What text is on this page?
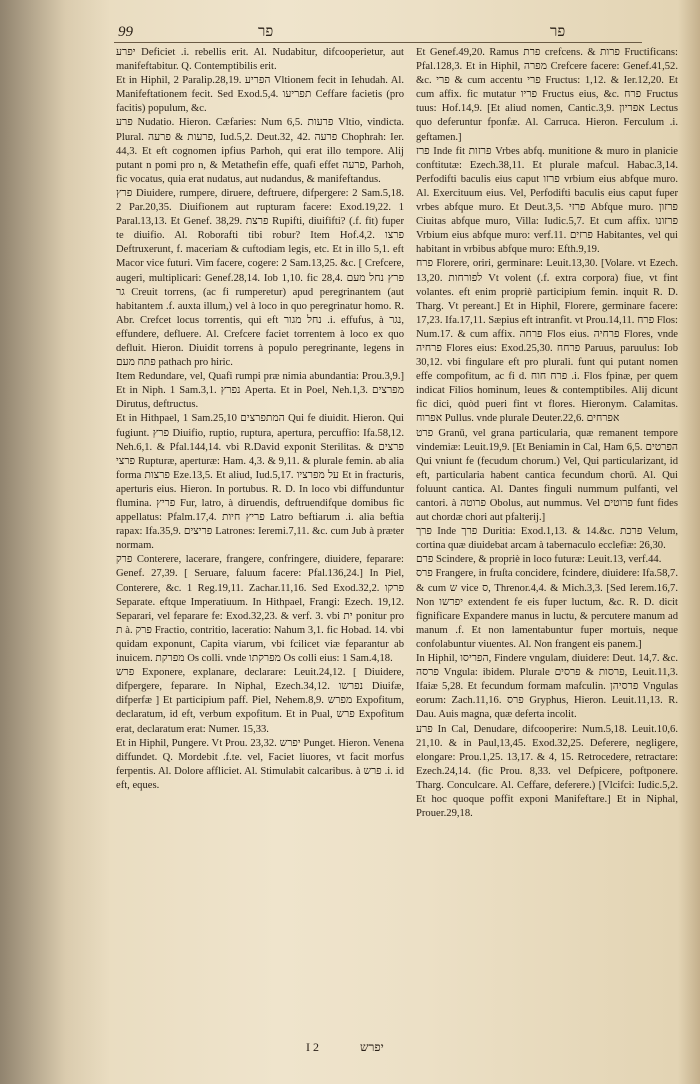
99	פר	פר

יפרע Deficiet .i. rebellis erit. Al. Nudabitur, difcooperietur, aut manifeftabitur. Q. Contemptibilis erit.

Et in Hiphil, 2 Paralip.28,19. הפריע Vltionem fecit in Iehudah. Al. Manifeftationem fecit. Sed Exod.5,4. תפריעו Ceffare facietis (pro facitis) populum, &c.

פרע Nudatio. Hieron. Cæfaries: Num 6,5. פרעות Vltio, vindicta. Plural. פרעות & פרעה, Iud.5,2. Deut.32, 42. פרעה Chophrah: Ier. 44,3. Et eft cognomen ipfius Parhoh, qui erat illo tempore. Alij putant n pomi pro n, & Metathefin effe, quafi effet פרעה, Parhoh, fic vocatus, quia erat nudatus, aut nudandus, & manifeftandus.

פרץ Diuidere, rumpere, diruere, deftruere, difpergere: 2 Sam.5,18. 2 Par.20,35. Diuifionem aut rupturam facere: Exod.19,22. 1 Paral.13,13. Et Genef. 38,29. פרצת Rupifti, diuififti? (.f. fit) fuper te diuifio. Al. Roborafti tibi robur? Item Hof.4,2. פרצו Deftruxerunt, f. maceriam & cuftodiam legis, etc. Et in illo 5,1. eft Macor vice futuri. Vim facere, cogere: 2 Sam.13,25. &c. [ Crefcere, augeri, multiplicari: Genef.28,14. Iob 1,10. fic 28,4. פרץ נחל מעם גר Creuit torrens, (ac fi rumperetur) apud peregrinantem (aut habitantem .f. auxta illum,) vel à loco in quo peregrinatur homo. R. Abr. Crefcet locus torrentis, qui eft נחל מגור .i. effufus, à נגר, effundere, defluere. Al. Crefcere faciet torrentem à loco ex quo defluit. Hieron. Diuidit torrens à populo peregrinante, legens in פתח מעם pathach pro hiric.

Item Redundare, vel, Quafi rumpi præ nimia abundantia: Prou.3,9.] Et in Niph. 1 Sam.3,1. נפרץ Aperta. Et in Poel, Neh.1,3. מפרצים Dirutus, deftructus.

Et in Hithpael, 1 Sam.25,10 המתפרצים Qui fe diuidit. Hieron. Qui fugiunt. פרץ Diuifio, ruptio, ruptura, apertura, percuffio: Ifa.58,12. Neh.6,1. & Pfal.144,14. vbi R.David exponit Sterilitas. פרצים & פרצי Rupturæ, aperturæ: Ham. 4,3. & 9,11. & plurale femin. ab alia forma פרצות Eze.13,5. Et aliud, Iud.5,17. על מפרציו Et in fracturis, aperturis eius. Hieron. In portubus. R. D. In loco vbi diffunduntur flumina. פריץ Fur, latro, à diruendis, deftruendifque domibus fic appellatus: Pfalm.17,4. פריץ חיות Latro beftiarum .i. alia beftia rapax: Ifa.35,9. פריצים Latrones: Ieremi.7,11. &c. cum Jub à præter normam.

פרק Conterere, lacerare, frangere, confringere, diuidere, feparare: Genef. 27,39. [ Seruare, faluum facere: Pfal.136,24.] In Piel, Conterere, &c. 1 Reg.19,11. Zachar.11,16. Sed Exod.32,2. פרקו Separate. eftque Imperatiuum. In Hithpael, Frangi: Ezech. 19,12. Separari, vel feparare fe: Exod.32,23. & verf. 3. vbi ית ponitur pro ת à. פרק Fractio, contritio, laceratio: Nahum 3,1. fic Hobad. 14. vbi quidam exponunt, Capita viarum, vbi fcilicet viæ feparantur ab inuicem. מפרקת Os colli. vnde מפרקתו Os colli eius: 1 Sam.4,18.

פרש Exponere, explanare, declarare: Leuit.24,12. [ Diuidere, difpergere, feparare. In Niphal, Ezech.34,12. נפרשו Diuifæ, difperfæ ] Et participium paff. Piel, Nehem.8,9. מפרש Expofitum, declaratum, id eft, verbum expofitum. Et in Pual, פרש Expofitum erat, declaratum erat: Numer. 15,33.

Et in Hiphil, Pungere. Vt Prou. 23,32. יפרש Punget. Hieron. Venena diffundet. Q. Mordebit .f.te. vel, Faciet liuores, vt facit morfus ferpentis. Al. Dolore affliciet. Al. Stimulabit calcaribus. à פרש .i. id eft, eques.

Et Genef.49,20. Ramus פרת crefcens. & פרות Fructificans: Pfal.128,3. Et in Hiphil, מפרה Crefcere facere: Genef.41,52. &c. פרי & cum accentu פרי Fructus: 1,12. & Ier.12,20. Et cum affix. fic mutatur פריו Fructus eius, &c. פרח Fructus tuus: Hof.14,9. [Et aliud nomen, Cantic.3,9. אפריון Lectus quo deferuntur fponfæ. Al. Carruca. Hieron. Ferculum .i. geftamen.]

פרז Inde fit פרזות Vrbes abfq. munitione & muro in planicie conftitutæ: Ezech.38,11. Et plurale mafcul. Habac.3,14. Perfodifti baculis eius caput פרזו vrbium eius abfque muro. Al. Exercituum eius. Vel, Perfodifti baculis eius caput fuper vrbes abfque muro. Et Deut.3,5. פרזי Abfque muro. פרזון Ciuitas abfque muro, Villa: Iudic.5,7. Et cum affix. פרזונו Vrbium eius abfque muro: verf.11. פרזים Habitantes, vel qui habitant in vrbibus abfque muro: Efth.9,19.

פרח Florere, oriri, germinare: Leuit.13,30. [Volare. vt Ezech. 13,20. לפורחות Vt volent (.f. extra corpora) fiue, vt fint volantes. eft enim propriè participium femin. inquit R. D. Tharg. Vt pereant.] Et in Hiphil, Florere, germinare facere: 17,23. Ifa.17,11. Sæpius eft intranfit. vt Prou.14,11. פרח Flos: Num.17. & cum affix. פרחה Flos eius. פרחיה Flores, vnde פרחיה Flores eius: Exod.25,30. פרחח Paruus, paruulus: Iob 30,12. vbi fingulare eft pro plurali. funt qui putant nomen effe compofitum, ac fi d. פרח חוח .i. Flos fpinæ, per quem indicat Filios hominum, leues & contemptibiles. Alij dicunt fic dici, quòd pueri fint vt flores. Hieronym. Calamitas. אפרוח Pullus. vnde plurale Deuter.22,6. אפרחים

פרט Granū, vel grana particularia, quæ remanent tempore vindemiæ: Leuit.19,9. [Et Beniamin in Cal, Ham 6,5. הפרטים Qui vniunt fe (fecudum chorum.) Vel, Qui particularizant, id eft, particularia habent cantica fecundum chorū. Al. Qui foluunt cantica. Al. Dantes finguli nummum pulfanti, vel cantori. à פרוטה Obolus, aut nummus. Vel פרוטים funt fides aut chordæ chori aut pfalterij.]

פרך Inde פרך Duritia: Exod.1,13. & 14.&c. פרכת Velum, cortina quæ diuidebat arcam à tabernaculo ecclefiæ: 26,30.

פרם Scindere, & propriè in loco futuræ: Leuit.13, verf.44.

פרס Frangere, in fruſta concidere, fcindere, diuidere: Ifa.58,7. & cum ש vice ס, Threnor.4,4. & Mich.3,3. [Sed Ierem.16,7. Non יפרשו extendent fe eis fuper luctum, &c. R. D. dicit fignificare Expandere manus in luctu, & percutere manum ad manum .f. Et non lamentabuntur fuper mortuis, neque confolabuntur viuentes. Al. Non frangent eis panem.]

In Hiphil, הפריסו, Findere vngulam, diuidere: Deut. 14,7. &c. פרסה Vngula: ibidem. Plurale פרסות & פרסים, Leuit.11,3. Ifaiæ 5,28. Et fecundum formam mafculin. פרסיהן Vngulas eorum: Zach.11,16. פרס Gryphus, Hieron. Leuit.11,13. R. Dau. Auis magna, quæ deferta incolit.

פרע In Cal, Denudare, difcooperire: Num.5,18. Leuit.10,6. 21,10. & in Paul,13,45. Exod.32,25. Deferere, negligere, elongare: Prou.1,25. 13,17. & 4, 15. Retrocedere, retractare: Ezech.24,14. (fic Prou. 8,33. vel Defpicere, poftponere. Tharg. Conculcare. Al. Ceffare, deferere.) [Vlcifci: Iudic.5,2. Et hoc quoque poffit exponi Manifeftare.] Et in Niphal, Prouer.29,18.

I 2	יפרש
